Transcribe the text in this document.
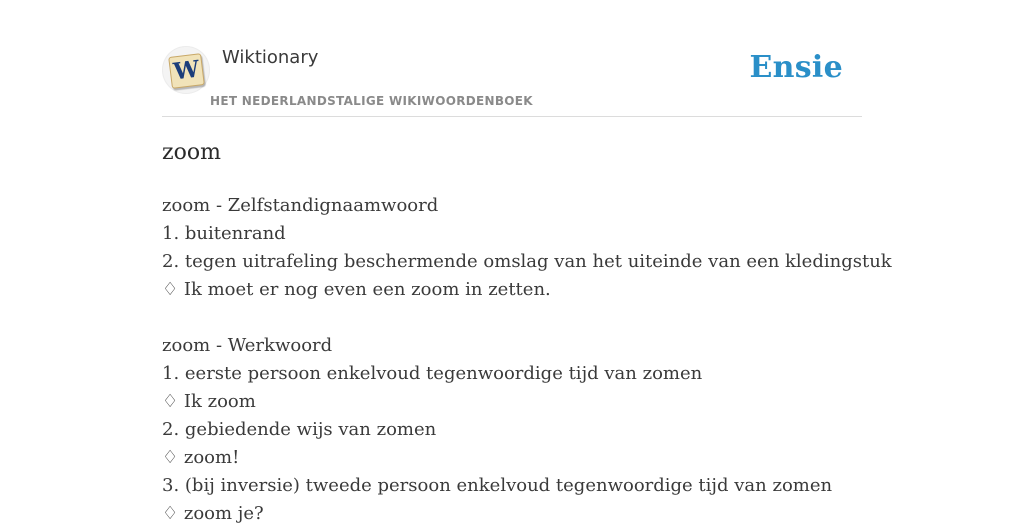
W Wiktionary
HET NEDERLANDSTALIGE WIKIWOORDENBOEK
Ensie
zoom
zoom - Zelfstandignaamwoord
1. buitenrand
2. tegen uitrafeling beschermende omslag van het uiteinde van een kledingstuk
♢ Ik moet er nog even een zoom in zetten.
zoom - Werkwoord
1. eerste persoon enkelvoud tegenwoordige tijd van zomen
♢ Ik zoom
2. gebiedende wijs van zomen
♢ zoom!
3. (bij inversie) tweede persoon enkelvoud tegenwoordige tijd van zomen
♢ zoom je?
